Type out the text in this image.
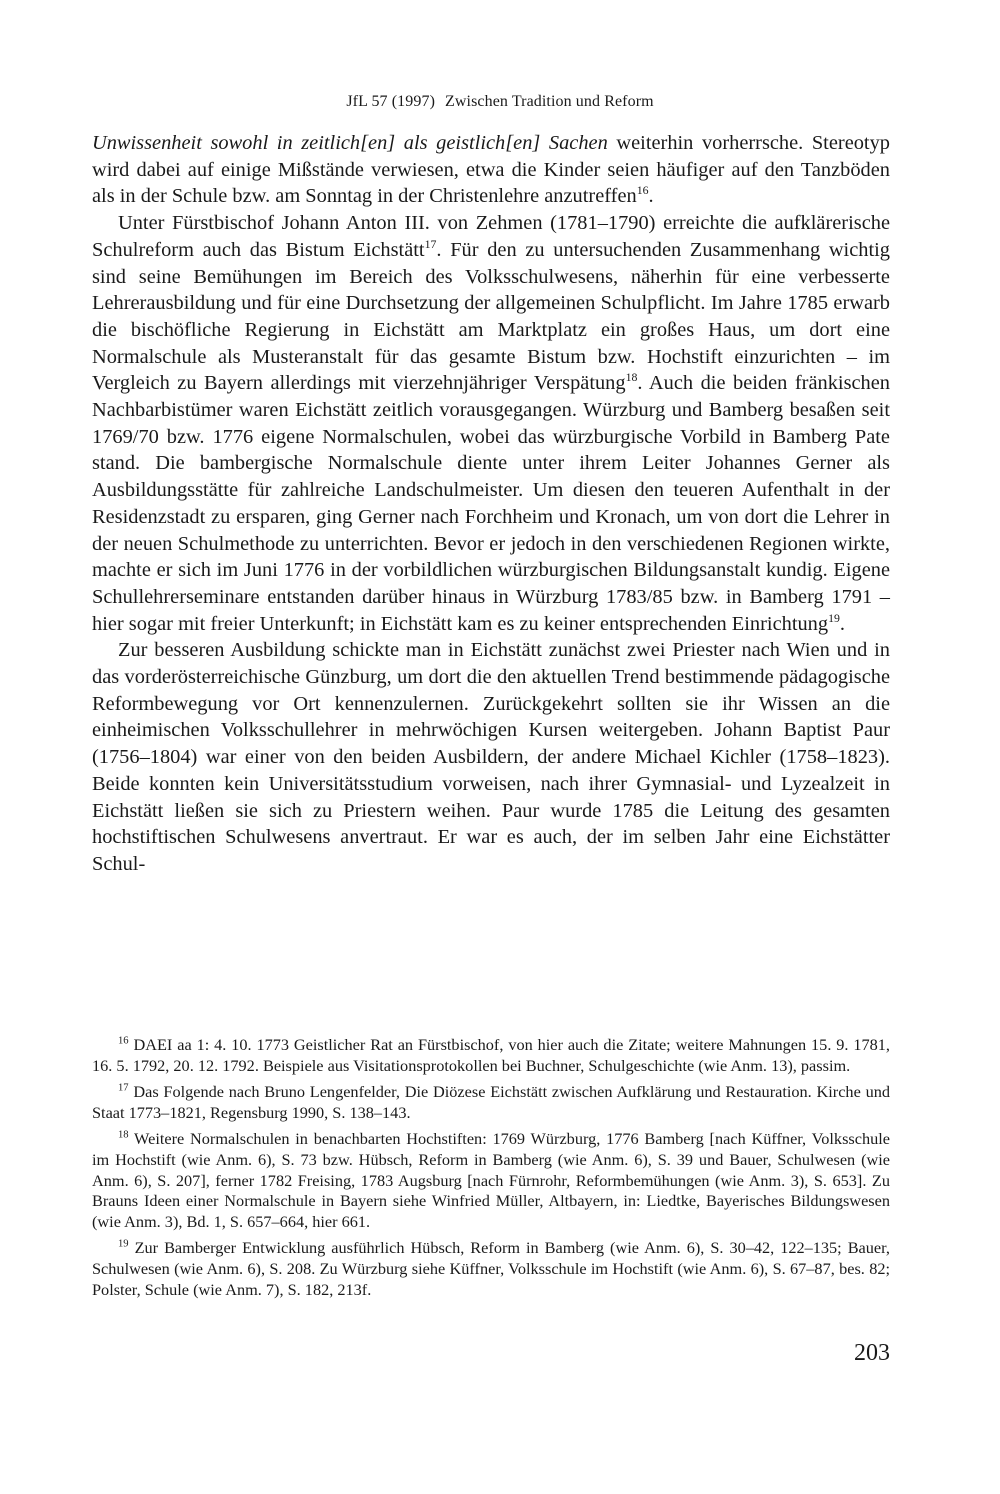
JfL 57 (1997) Zwischen Tradition und Reform

Unwissenheit sowohl in zeitlich[en] als geistlich[en] Sachen weiterhin vorherrsche. Stereotyp wird dabei auf einige Mißstände verwiesen, etwa die Kinder seien häufiger auf den Tanzböden als in der Schule bzw. am Sonntag in der Christenlehre anzutreffen$^{16}$.

Unter Fürstbischof Johann Anton III. von Zehmen (1781–1790) erreichte die aufklärerische Schulreform auch das Bistum Eichstätt$^{17}$. Für den zu untersuchenden Zusammenhang wichtig sind seine Bemühungen im Bereich des Volksschulwesens, näherhin für eine verbesserte Lehrerausbildung und für eine Durchsetzung der allgemeinen Schulpflicht. Im Jahre 1785 erwarb die bischöfliche Regierung in Eichstätt am Marktplatz ein großes Haus, um dort eine Normalschule als Musteranstalt für das gesamte Bistum bzw. Hochstift einzurichten – im Vergleich zu Bayern allerdings mit vierzehnjähriger Verspätung$^{18}$. Auch die beiden fränkischen Nachbarbistümer waren Eichstätt zeitlich vorausgegangen. Würzburg und Bamberg besaßen seit 1769/70 bzw. 1776 eigene Normalschulen, wobei das würzburgische Vorbild in Bamberg Pate stand. Die bambergische Normalschule diente unter ihrem Leiter Johannes Gerner als Ausbildungsstätte für zahlreiche Landschulmeister. Um diesen den teueren Aufenthalt in der Residenzstadt zu ersparen, ging Gerner nach Forchheim und Kronach, um von dort die Lehrer in der neuen Schulmethode zu unterrichten. Bevor er jedoch in den verschiedenen Regionen wirkte, machte er sich im Juni 1776 in der vorbildlichen würzburgischen Bildungsanstalt kundig. Eigene Schullehrerseminare entstanden darüber hinaus in Würzburg 1783/85 bzw. in Bamberg 1791 – hier sogar mit freier Unterkunft; in Eichstätt kam es zu keiner entsprechenden Einrichtung$^{19}$.

Zur besseren Ausbildung schickte man in Eichstätt zunächst zwei Priester nach Wien und in das vorderösterreichische Günzburg, um dort die den aktuellen Trend bestimmende pädagogische Reformbewegung vor Ort kennenzulernen. Zurückgekehrt sollten sie ihr Wissen an die einheimischen Volksschullehrer in mehrwöchigen Kursen weitergeben. Johann Baptist Paur (1756–1804) war einer von den beiden Ausbildern, der andere Michael Kichler (1758–1823). Beide konnten kein Universitätsstudium vorweisen, nach ihrer Gymnasial- und Lyzealzeit in Eichstätt ließen sie sich zu Priestern weihen. Paur wurde 1785 die Leitung des gesamten hochstiftischen Schulwesens anvertraut. Er war es auch, der im selben Jahr eine Eichstätter Schul-

$^{16}$ DAEI aa 1: 4. 10. 1773 Geistlicher Rat an Fürstbischof, von hier auch die Zitate; weitere Mahnungen 15. 9. 1781, 16. 5. 1792, 20. 12. 1792. Beispiele aus Visitationsprotokollen bei Buchner, Schulgeschichte (wie Anm. 13), passim.

$^{17}$ Das Folgende nach Bruno Lengenfelder, Die Diözese Eichstätt zwischen Aufklärung und Restauration. Kirche und Staat 1773–1821, Regensburg 1990, S. 138–143.

$^{18}$ Weitere Normalschulen in benachbarten Hochstiften: 1769 Würzburg, 1776 Bamberg [nach Küffner, Volksschule im Hochstift (wie Anm. 6), S. 73 bzw. Hübsch, Reform in Bamberg (wie Anm. 6), S. 39 und Bauer, Schulwesen (wie Anm. 6), S. 207], ferner 1782 Freising, 1783 Augsburg [nach Fürnrohr, Reformbemühungen (wie Anm. 3), S. 653]. Zu Brauns Ideen einer Normalschule in Bayern siehe Winfried Müller, Altbayern, in: Liedtke, Bayerisches Bildungswesen (wie Anm. 3), Bd. 1, S. 657–664, hier 661.

$^{19}$ Zur Bamberger Entwicklung ausführlich Hübsch, Reform in Bamberg (wie Anm. 6), S. 30–42, 122–135; Bauer, Schulwesen (wie Anm. 6), S. 208. Zu Würzburg siehe Küffner, Volksschule im Hochstift (wie Anm. 6), S. 67–87, bes. 82; Polster, Schule (wie Anm. 7), S. 182, 213f.

203
